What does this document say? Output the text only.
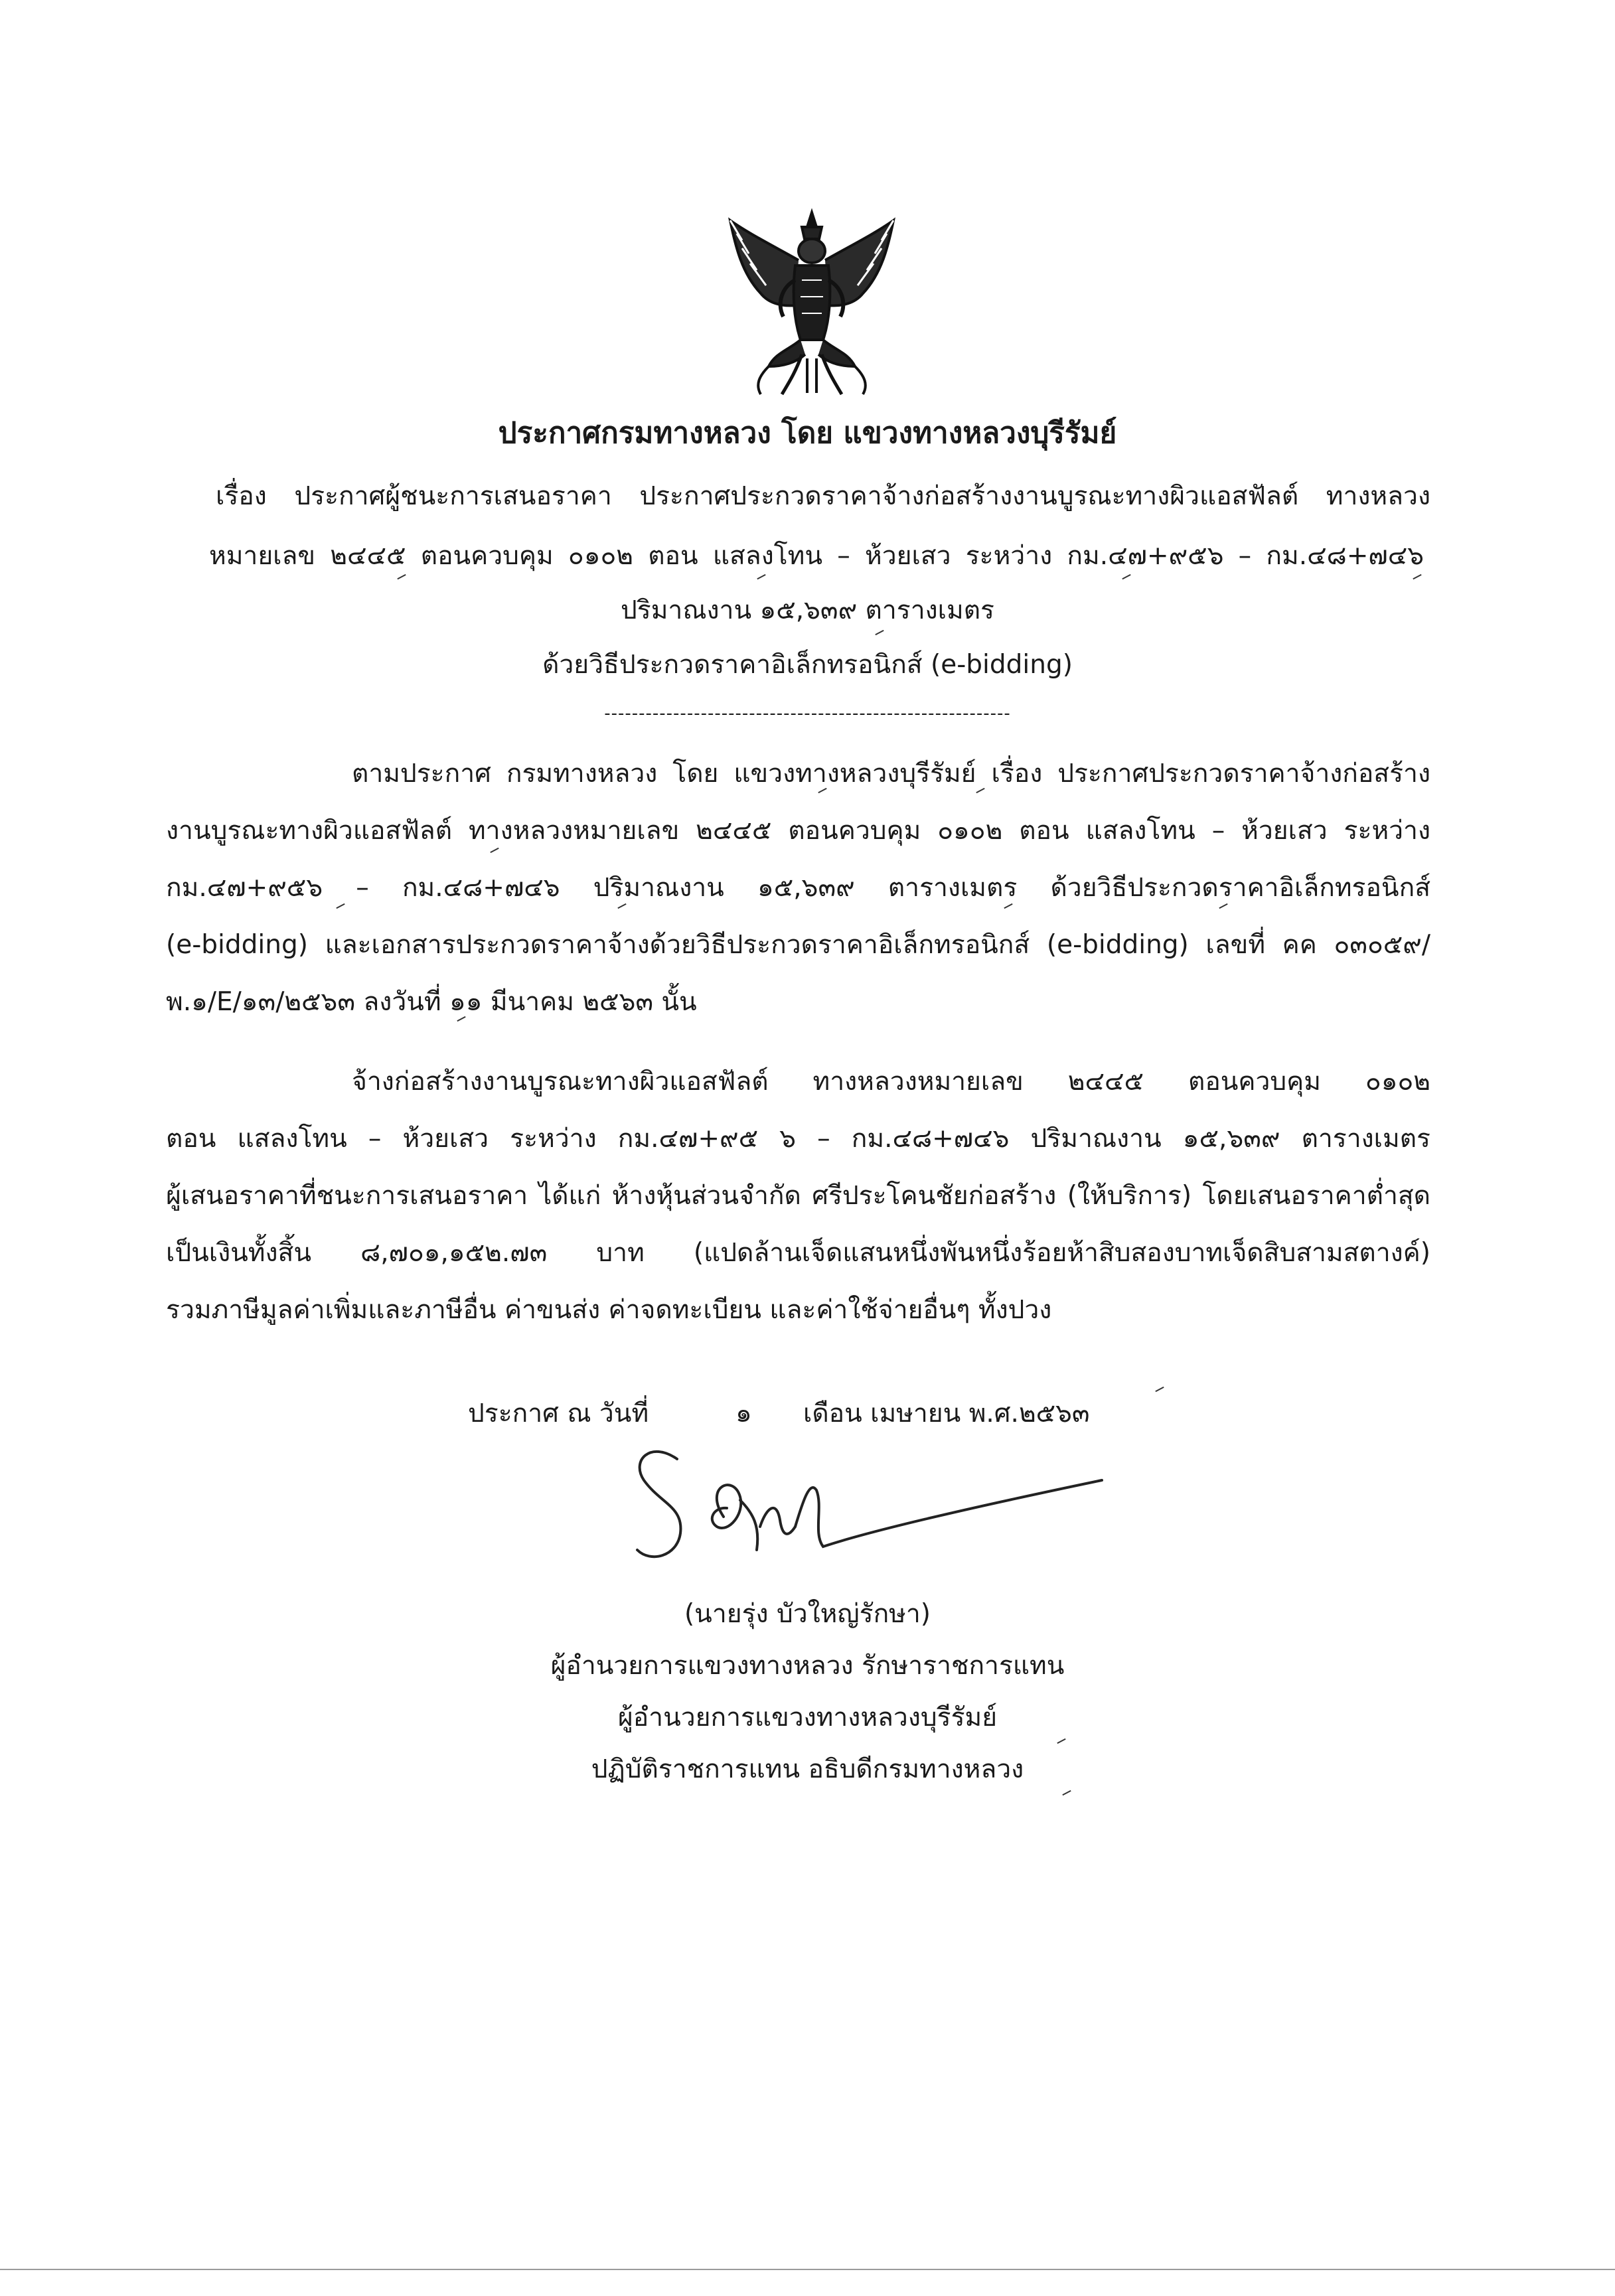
ประกาศกรมทางหลวง โดย แขวงทางหลวงบุรีรัมย์
เรื่อง ประกาศผู้ชนะการเสนอราคา ประกาศประกวดราคาจ้างก่อสร้างงานบูรณะทางผิวแอสฟัลต์ ทางหลวง
หมายเลข ๒๔๔๕ ตอนควบคุม ๐๑๐๒ ตอน แสลงโทน – ห้วยเสว ระหว่าง กม.๔๗+๙๕๖ – กม.๔๘+๗๔๖
ปริมาณงาน ๑๕,๖๓๙ ตารางเมตร
ด้วยวิธีประกวดราคาอิเล็กทรอนิกส์ (e-bidding)
-----------------------------------------------------------
ตามประกาศ กรมทางหลวง โดย แขวงทางหลวงบุรีรัมย์ เรื่อง ประกาศประกวดราคาจ้างก่อสร้าง
งานบูรณะทางผิวแอสฟัลต์ ทางหลวงหมายเลข ๒๔๔๕ ตอนควบคุม ๐๑๐๒ ตอน แสลงโทน – ห้วยเสว ระหว่าง
กม.๔๗+๙๕๖ – กม.๔๘+๗๔๖ ปริมาณงาน ๑๕,๖๓๙ ตารางเมตร ด้วยวิธีประกวดราคาอิเล็กทรอนิกส์
(e-bidding) และเอกสารประกวดราคาจ้างด้วยวิธีประกวดราคาอิเล็กทรอนิกส์ (e-bidding) เลขที่ คค ๐๓๐๕๙/
พ.๑/E/๑๓/๒๕๖๓ ลงวันที่ ๑๑ มีนาคม ๒๕๖๓ นั้น
จ้างก่อสร้างงานบูรณะทางผิวแอสฟัลต์ ทางหลวงหมายเลข ๒๔๔๕ ตอนควบคุม ๐๑๐๒
ตอน แสลงโทน – ห้วยเสว ระหว่าง กม.๔๗+๙๕ ๖ – กม.๔๘+๗๔๖ ปริมาณงาน ๑๕,๖๓๙ ตารางเมตร
ผู้เสนอราคาที่ชนะการเสนอราคา ได้แก่ ห้างหุ้นส่วนจำกัด ศรีประโคนชัยก่อสร้าง (ให้บริการ) โดยเสนอราคาต่ำสุด
เป็นเงินทั้งสิ้น ๘,๗๐๑,๑๕๒.๗๓ บาท (แปดล้านเจ็ดแสนหนึ่งพันหนึ่งร้อยห้าสิบสองบาทเจ็ดสิบสามสตางค์)
รวมภาษีมูลค่าเพิ่มและภาษีอื่น ค่าขนส่ง ค่าจดทะเบียน และค่าใช้จ่ายอื่นๆ ทั้งปวง
ประกาศ ณ วันที่	๑ เดือน เมษายน พ.ศ.๒๕๖๓
(นายรุ่ง บัวใหญ่รักษา)
ผู้อำนวยการแขวงทางหลวง รักษาราชการแทน
ผู้อำนวยการแขวงทางหลวงบุรีรัมย์
ปฏิบัติราชการแทน อธิบดีกรมทางหลวง
